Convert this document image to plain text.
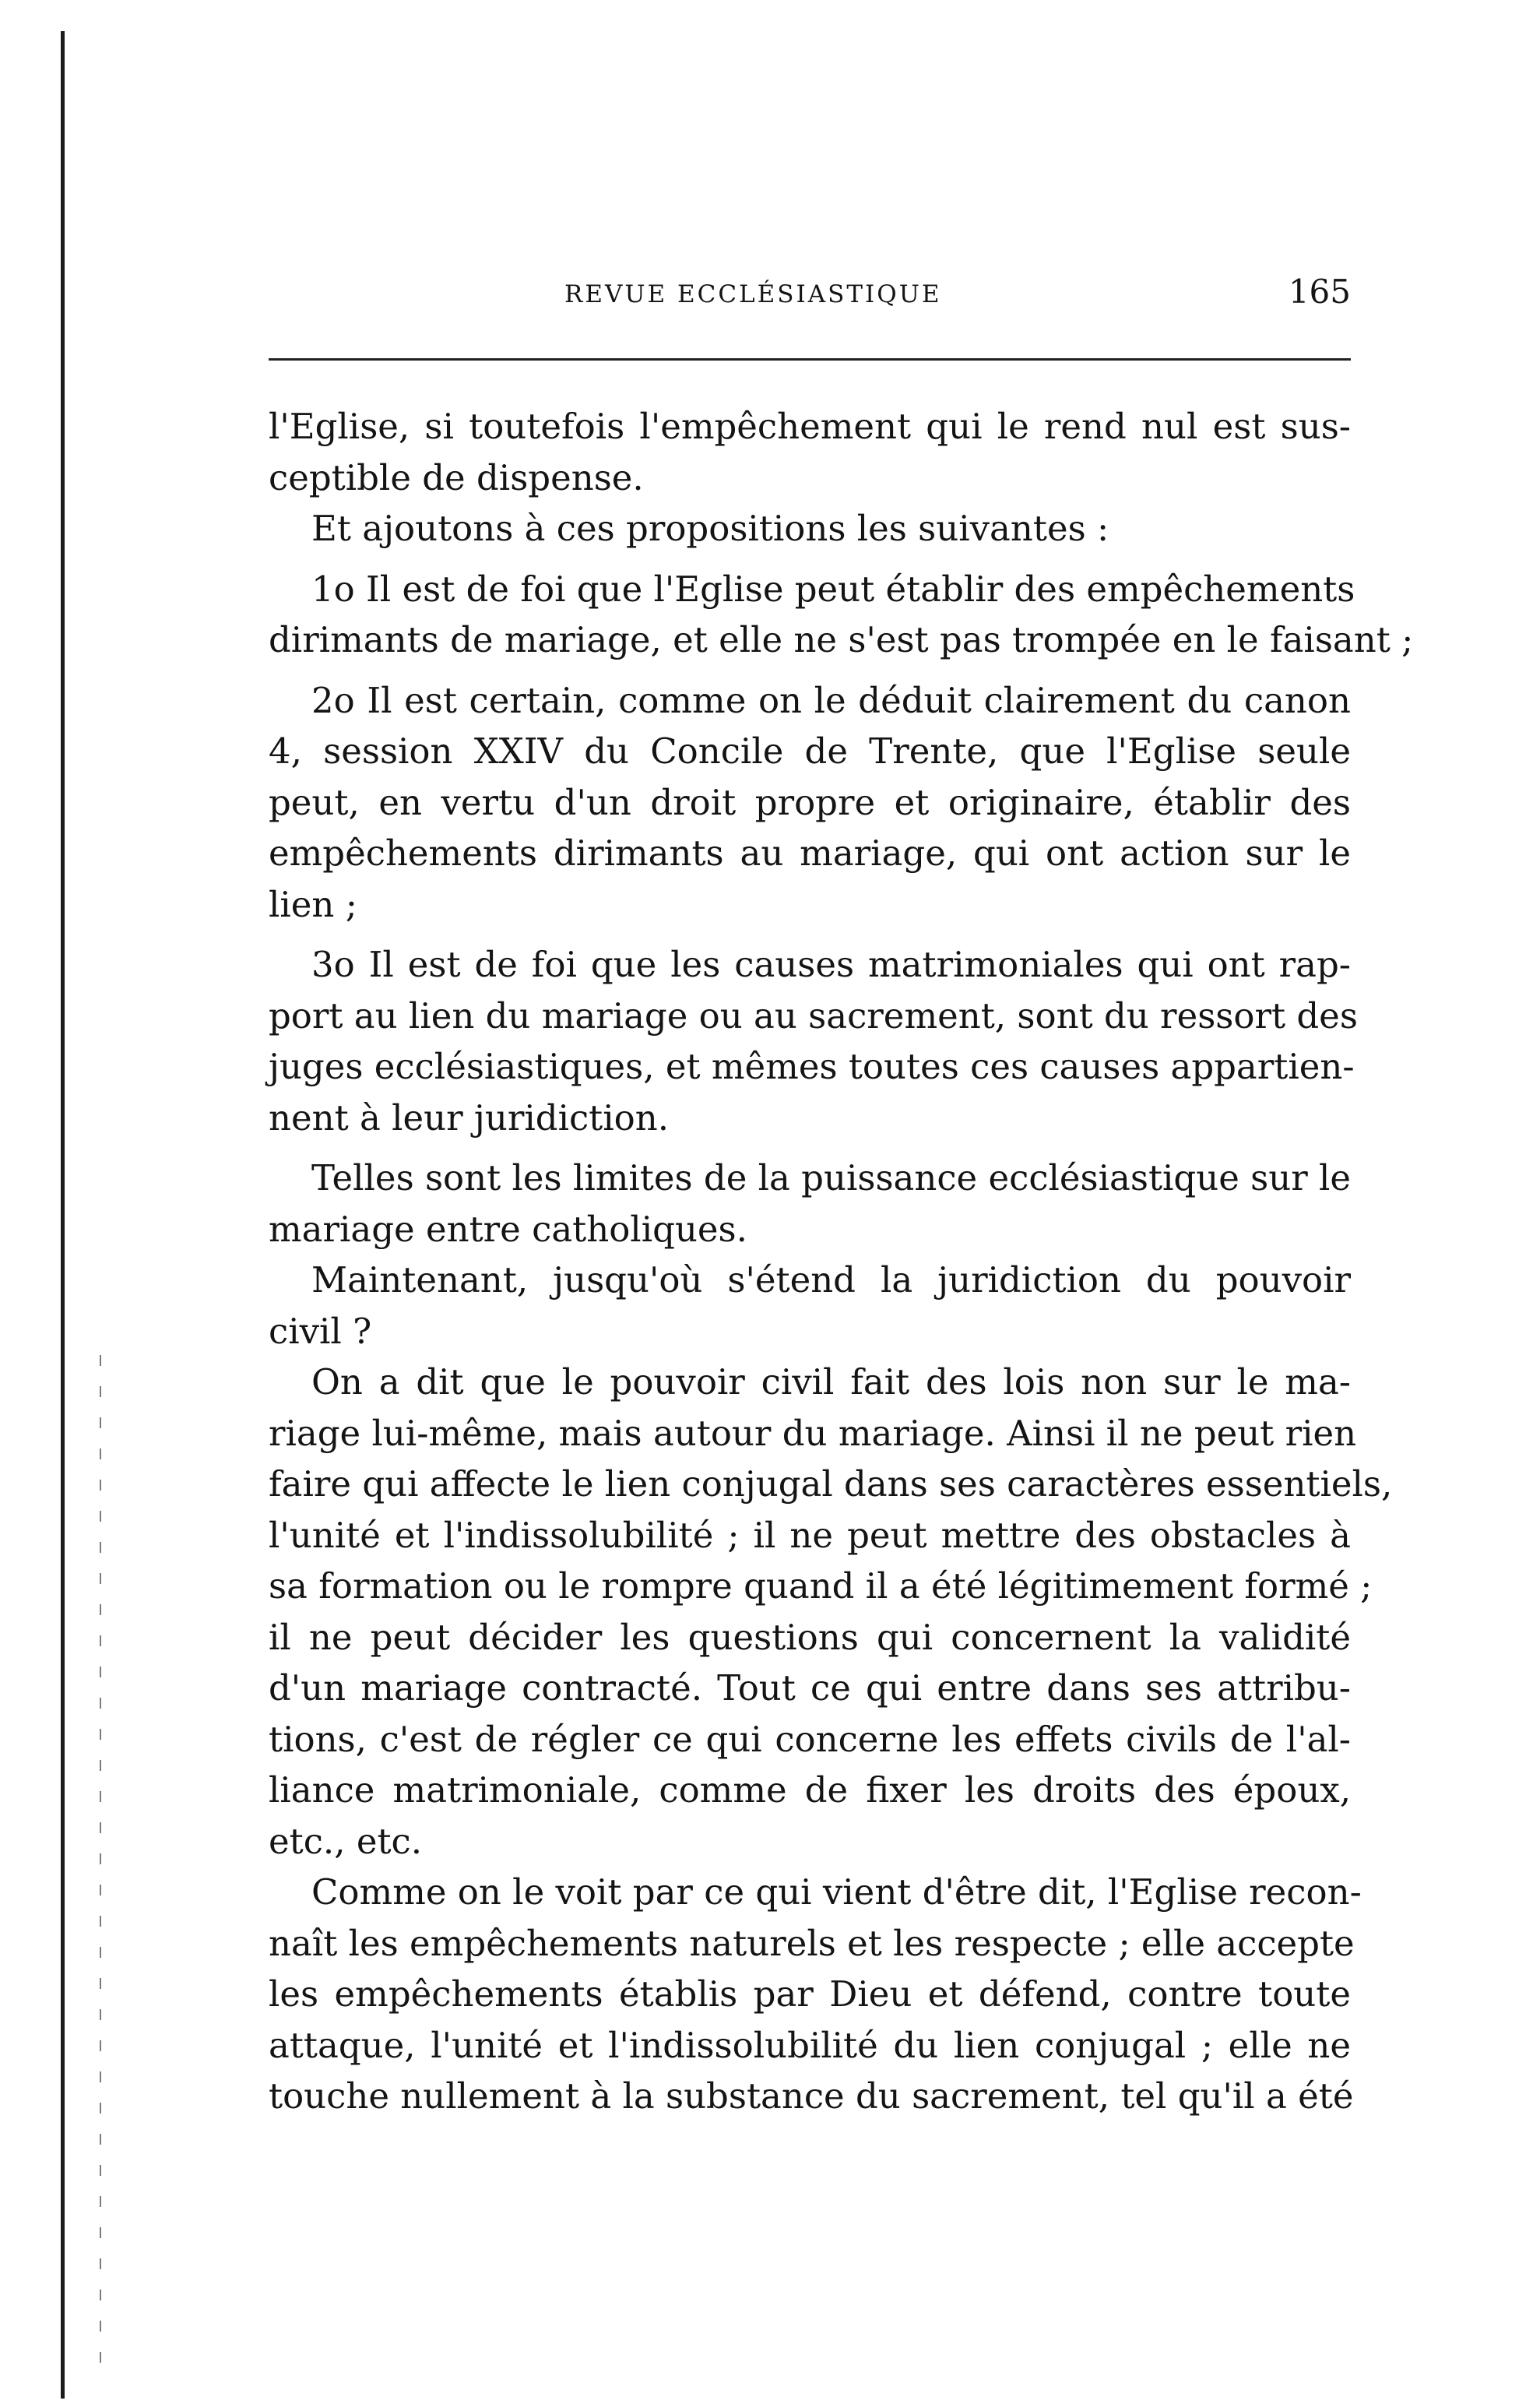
REVUE ECCLÉSIASTIQUE	165

l'Eglise, si toutefois l'empêchement qui le rend nul est sus-
ceptible de dispense.

Et ajoutons à ces propositions les suivantes :

1o Il est de foi que l'Eglise peut établir des empêchements
dirimants de mariage, et elle ne s'est pas trompée en le faisant ;

2o Il est certain, comme on le déduit clairement du canon
4, session XXIV du Concile de Trente, que l'Eglise seule
peut, en vertu d'un droit propre et originaire, établir des
empêchements dirimants au mariage, qui ont action sur le
lien ;

3o Il est de foi que les causes matrimoniales qui ont rap-
port au lien du mariage ou au sacrement, sont du ressort des
juges ecclésiastiques, et mêmes toutes ces causes appartien-
nent à leur juridiction.

Telles sont les limites de la puissance ecclésiastique sur le
mariage entre catholiques.

Maintenant, jusqu'où s'étend la juridiction du pouvoir
civil ?

On a dit que le pouvoir civil fait des lois non sur le ma-
riage lui-même, mais autour du mariage. Ainsi il ne peut rien
faire qui affecte le lien conjugal dans ses caractères essentiels,
l'unité et l'indissolubilité ; il ne peut mettre des obstacles à
sa formation ou le rompre quand il a été légitimement formé ;
il ne peut décider les questions qui concernent la validité
d'un mariage contracté. Tout ce qui entre dans ses attribu-
tions, c'est de régler ce qui concerne les effets civils de l'al-
liance matrimoniale, comme de fixer les droits des époux,
etc., etc.

Comme on le voit par ce qui vient d'être dit, l'Eglise recon-
naît les empêchements naturels et les respecte ; elle accepte
les empêchements établis par Dieu et défend, contre toute
attaque, l'unité et l'indissolubilité du lien conjugal ; elle ne
touche nullement à la substance du sacrement, tel qu'il a été
